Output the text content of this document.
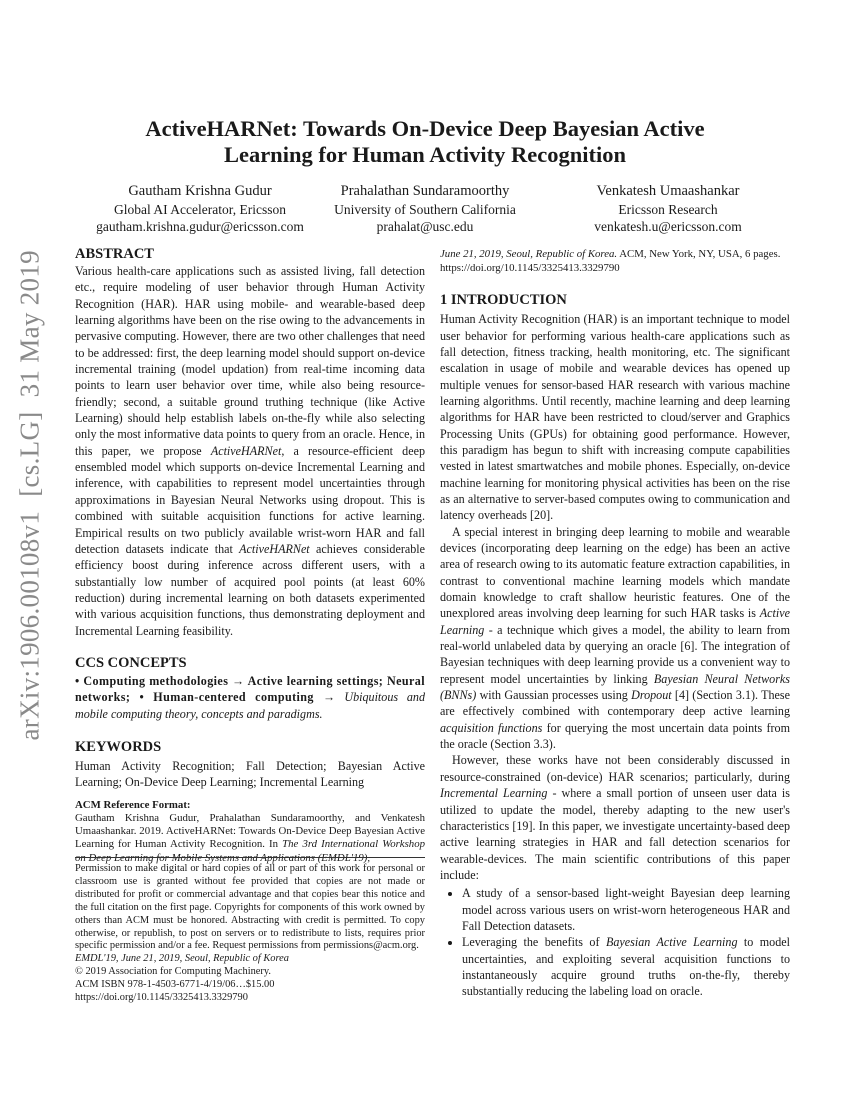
arXiv:1906.00108v1  [cs.LG]  31 May 2019
ActiveHARNet: Towards On-Device Deep Bayesian Active
Learning for Human Activity Recognition
Gautham Krishna Gudur
Global AI Accelerator, Ericsson
gautham.krishna.gudur@ericsson.com
Prahalathan Sundaramoorthy
University of Southern California
prahalat@usc.edu
Venkatesh Umaashankar
Ericsson Research
venkatesh.u@ericsson.com
ABSTRACT

Various health-care applications such as assisted living, fall detection etc., require modeling of user behavior through Human Activity Recognition (HAR). HAR using mobile- and wearable-based deep learning algorithms have been on the rise owing to the advancements in pervasive computing. However, there are two other challenges that need to be addressed: first, the deep learning model should support on-device incremental training (model updation) from real-time incoming data points to learn user behavior over time, while also being resource-friendly; second, a suitable ground truthing technique (like Active Learning) should help establish labels on-the-fly while also selecting only the most informative data points to query from an oracle. Hence, in this paper, we propose ActiveHARNet, a resource-efficient deep ensembled model which supports on-device Incremental Learning and inference, with capabilities to represent model uncertainties through approximations in Bayesian Neural Networks using dropout. This is combined with suitable acquisition functions for active learning. Empirical results on two publicly available wrist-worn HAR and fall detection datasets indicate that ActiveHARNet achieves considerable efficiency boost during inference across different users, with a substantially low number of acquired pool points (at least 60% reduction) during incremental learning on both datasets experimented with various acquisition functions, thus demonstrating deployment and Incremental Learning feasibility.

CCS CONCEPTS

• Computing methodologies → Active learning settings; Neural networks; • Human-centered computing → Ubiquitous and mobile computing theory, concepts and paradigms.

KEYWORDS

Human Activity Recognition; Fall Detection; Bayesian Active Learning; On-Device Deep Learning; Incremental Learning

ACM Reference Format:

Gautham Krishna Gudur, Prahalathan Sundaramoorthy, and Venkatesh Umaashankar. 2019. ActiveHARNet: Towards On-Device Deep Bayesian Active Learning for Human Activity Recognition. In The 3rd International Workshop on Deep Learning for Mobile Systems and Applications (EMDL'19),

Permission to make digital or hard copies of all or part of this work for personal or classroom use is granted without fee provided that copies are not made or distributed for profit or commercial advantage and that copies bear this notice and the full citation on the first page. Copyrights for components of this work owned by others than ACM must be honored. Abstracting with credit is permitted. To copy otherwise, or republish, to post on servers or to redistribute to lists, requires prior specific permission and/or a fee. Request permissions from permissions@acm.org.

EMDL'19, June 21, 2019, Seoul, Republic of Korea

© 2019 Association for Computing Machinery.

ACM ISBN 978-1-4503-6771-4/19/06…$15.00

https://doi.org/10.1145/3325413.3329790

June 21, 2019, Seoul, Republic of Korea. ACM, New York, NY, USA, 6 pages. https://doi.org/10.1145/3325413.3329790

1 INTRODUCTION

Human Activity Recognition (HAR) is an important technique to model user behavior for performing various health-care applications such as fall detection, fitness tracking, health monitoring, etc. The significant escalation in usage of mobile and wearable devices has opened up multiple venues for sensor-based HAR research with various machine learning algorithms. Until recently, machine learning and deep learning algorithms for HAR have been restricted to cloud/server and Graphics Processing Units (GPUs) for obtaining good performance. However, this paradigm has begun to shift with increasing compute capabilities vested in latest smartwatches and mobile phones. Especially, on-device machine learning for monitoring physical activities has been on the rise as an alternative to server-based computes owing to communication and latency overheads [20].

A special interest in bringing deep learning to mobile and wearable devices (incorporating deep learning on the edge) has been an active area of research owing to its automatic feature extraction capabilities, in contrast to conventional machine learning models which mandate domain knowledge to craft shallow heuristic features. One of the unexplored areas involving deep learning for such HAR tasks is Active Learning - a technique which gives a model, the ability to learn from real-world unlabeled data by querying an oracle [6]. The integration of Bayesian techniques with deep learning provide us a convenient way to represent model uncertainties by linking Bayesian Neural Networks (BNNs) with Gaussian processes using Dropout [4] (Section 3.1). These are effectively combined with contemporary deep active learning acquisition functions for querying the most uncertain data points from the oracle (Section 3.3).

However, these works have not been considerably discussed in resource-constrained (on-device) HAR scenarios; particularly, during Incremental Learning - where a small portion of unseen user data is utilized to update the model, thereby adapting to the new user's characteristics [19]. In this paper, we investigate uncertainty-based deep active learning strategies in HAR and fall detection scenarios for wearable-devices. The main scientific contributions of this paper include:

• A study of a sensor-based light-weight Bayesian deep learning model across various users on wrist-worn heterogeneous HAR and Fall Detection datasets.
• Leveraging the benefits of Bayesian Active Learning to model uncertainties, and exploiting several acquisition functions to instantaneously acquire ground truths on-the-fly, thereby substantially reducing the labeling load on oracle.
